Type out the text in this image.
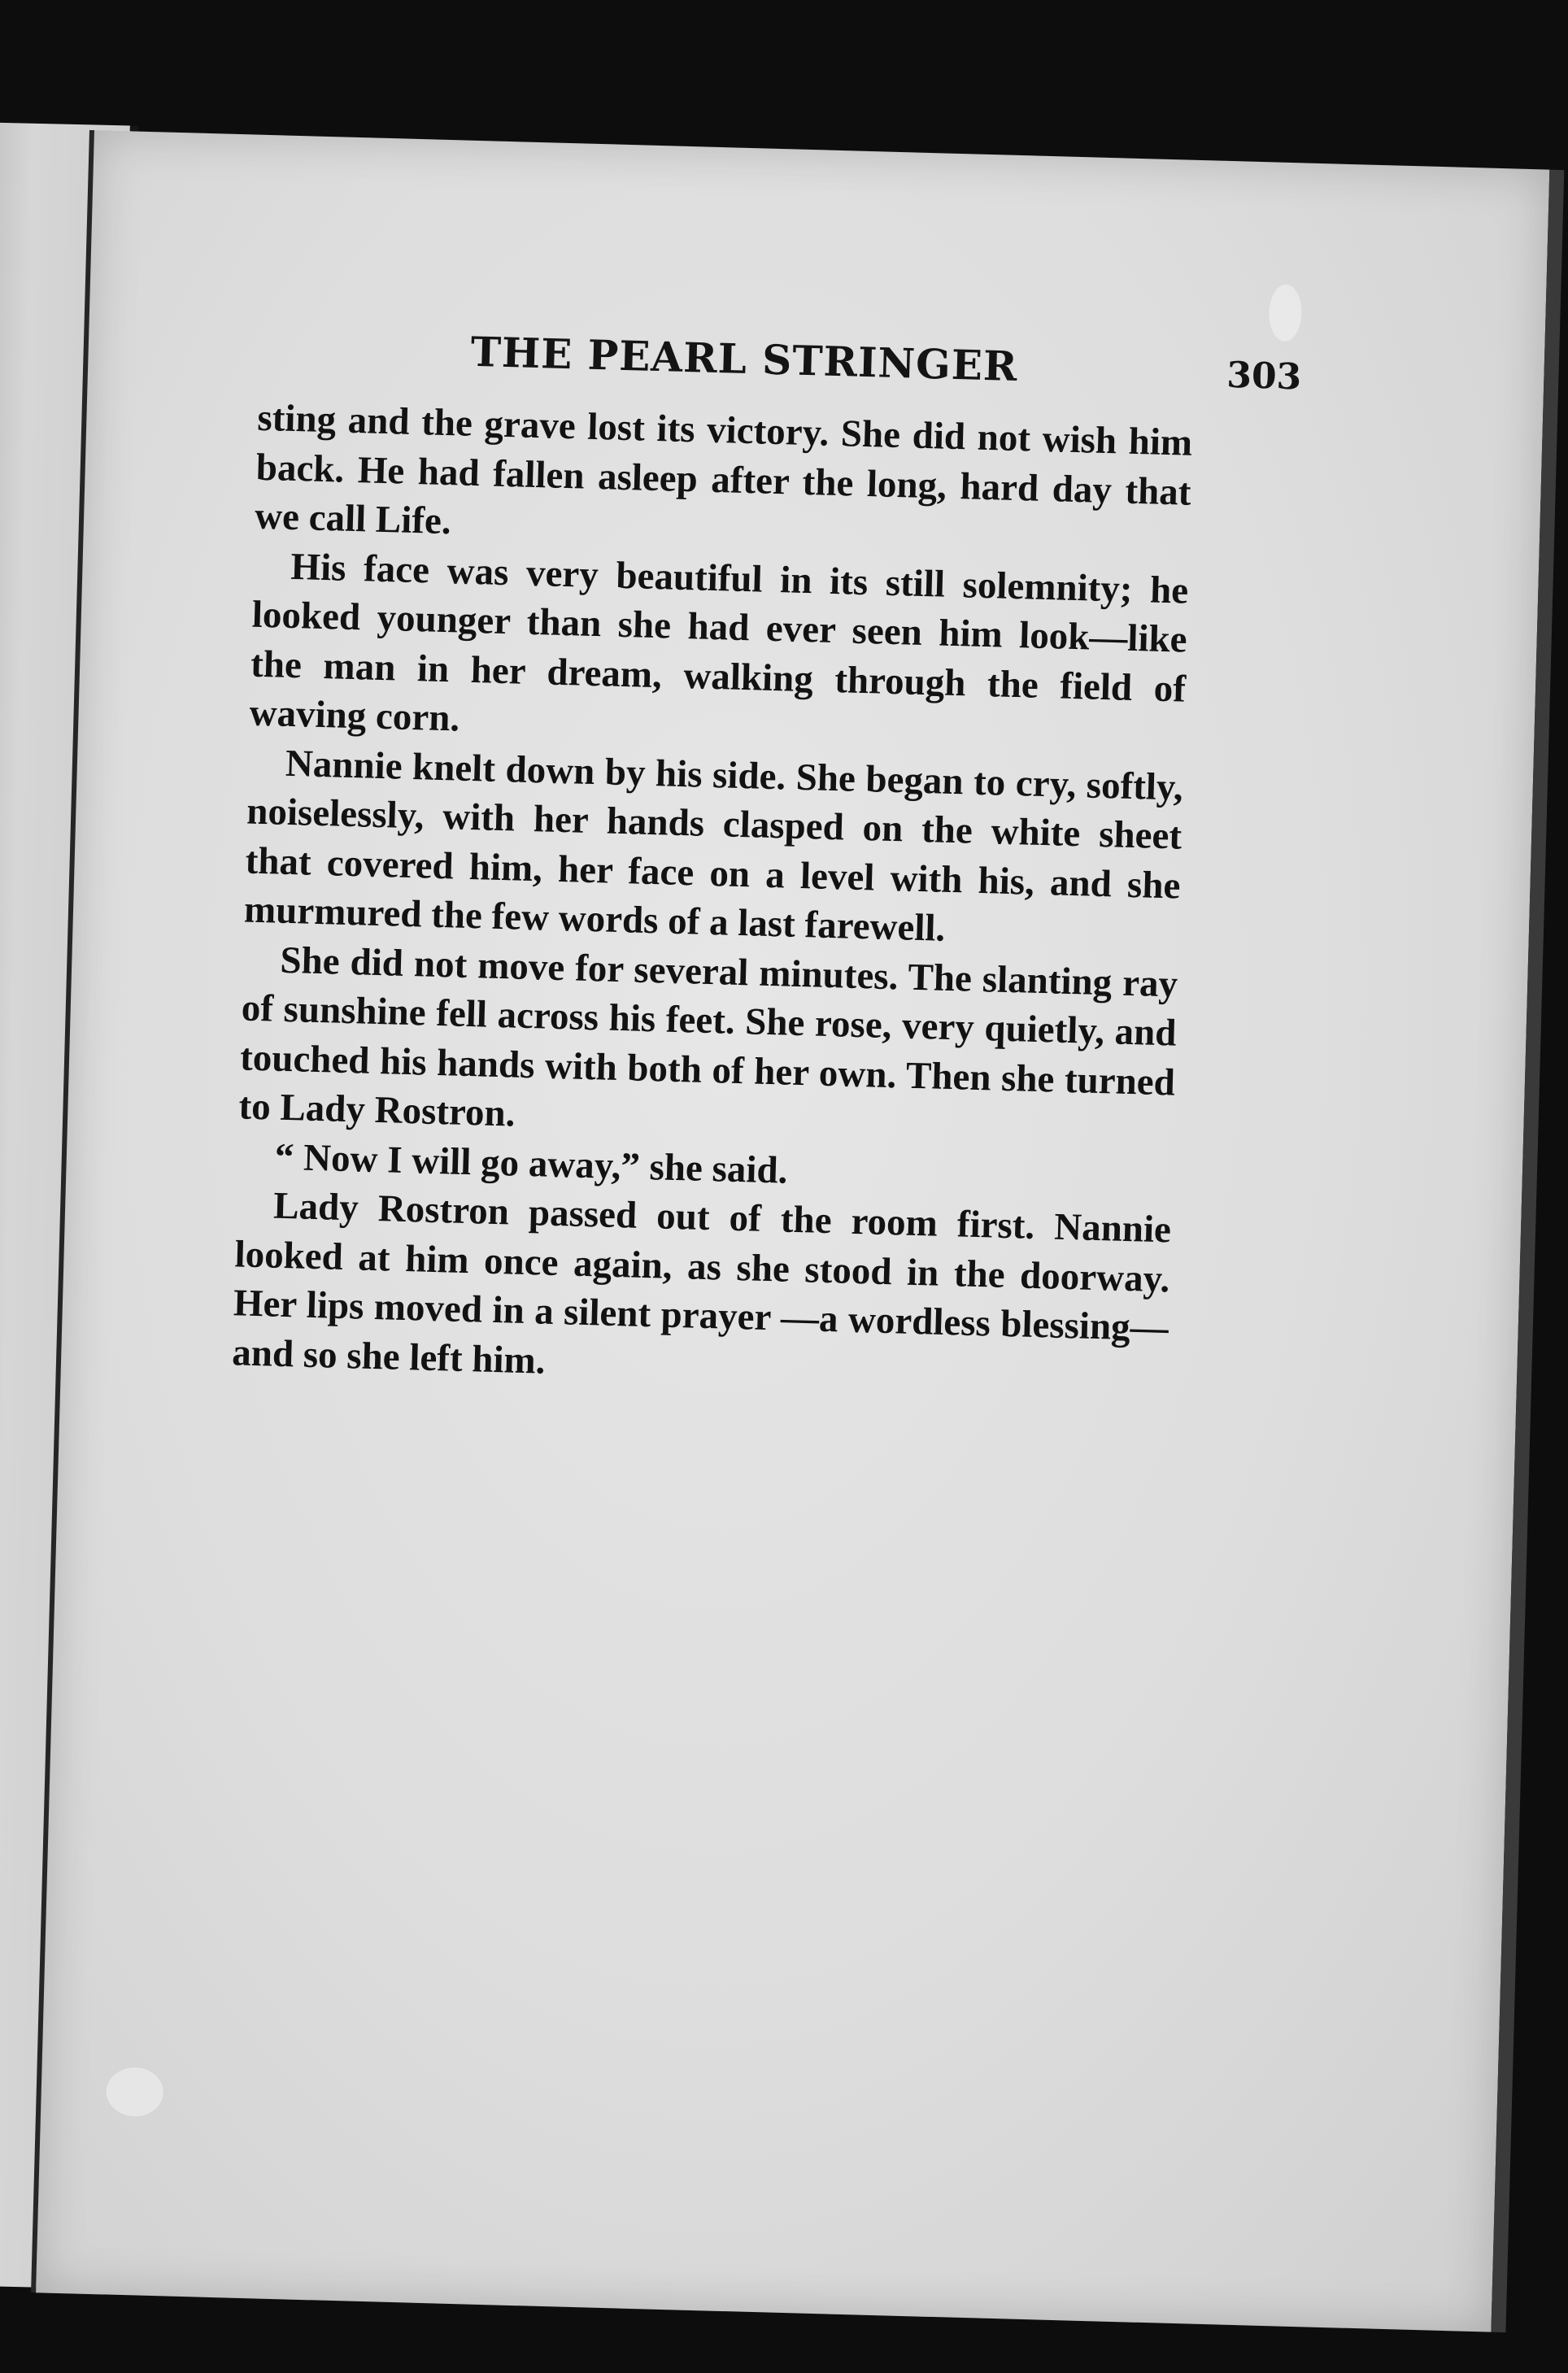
THE PEARL STRINGER	303

sting and the grave lost its victory. She did not wish him back. He had fallen asleep after the long, hard day that we call Life.

His face was very beautiful in its still solemnity; he looked younger than she had ever seen him look—like the man in her dream, walking through the field of waving corn.

Nannie knelt down by his side. She began to cry, softly, noiselessly, with her hands clasped on the white sheet that covered him, her face on a level with his, and she murmured the few words of a last farewell.

She did not move for several minutes. The slanting ray of sunshine fell across his feet. She rose, very quietly, and touched his hands with both of her own. Then she turned to Lady Rostron.

“ Now I will go away,” she said.

Lady Rostron passed out of the room first. Nannie looked at him once again, as she stood in the doorway. Her lips moved in a silent prayer —a wordless blessing—and so she left him.
